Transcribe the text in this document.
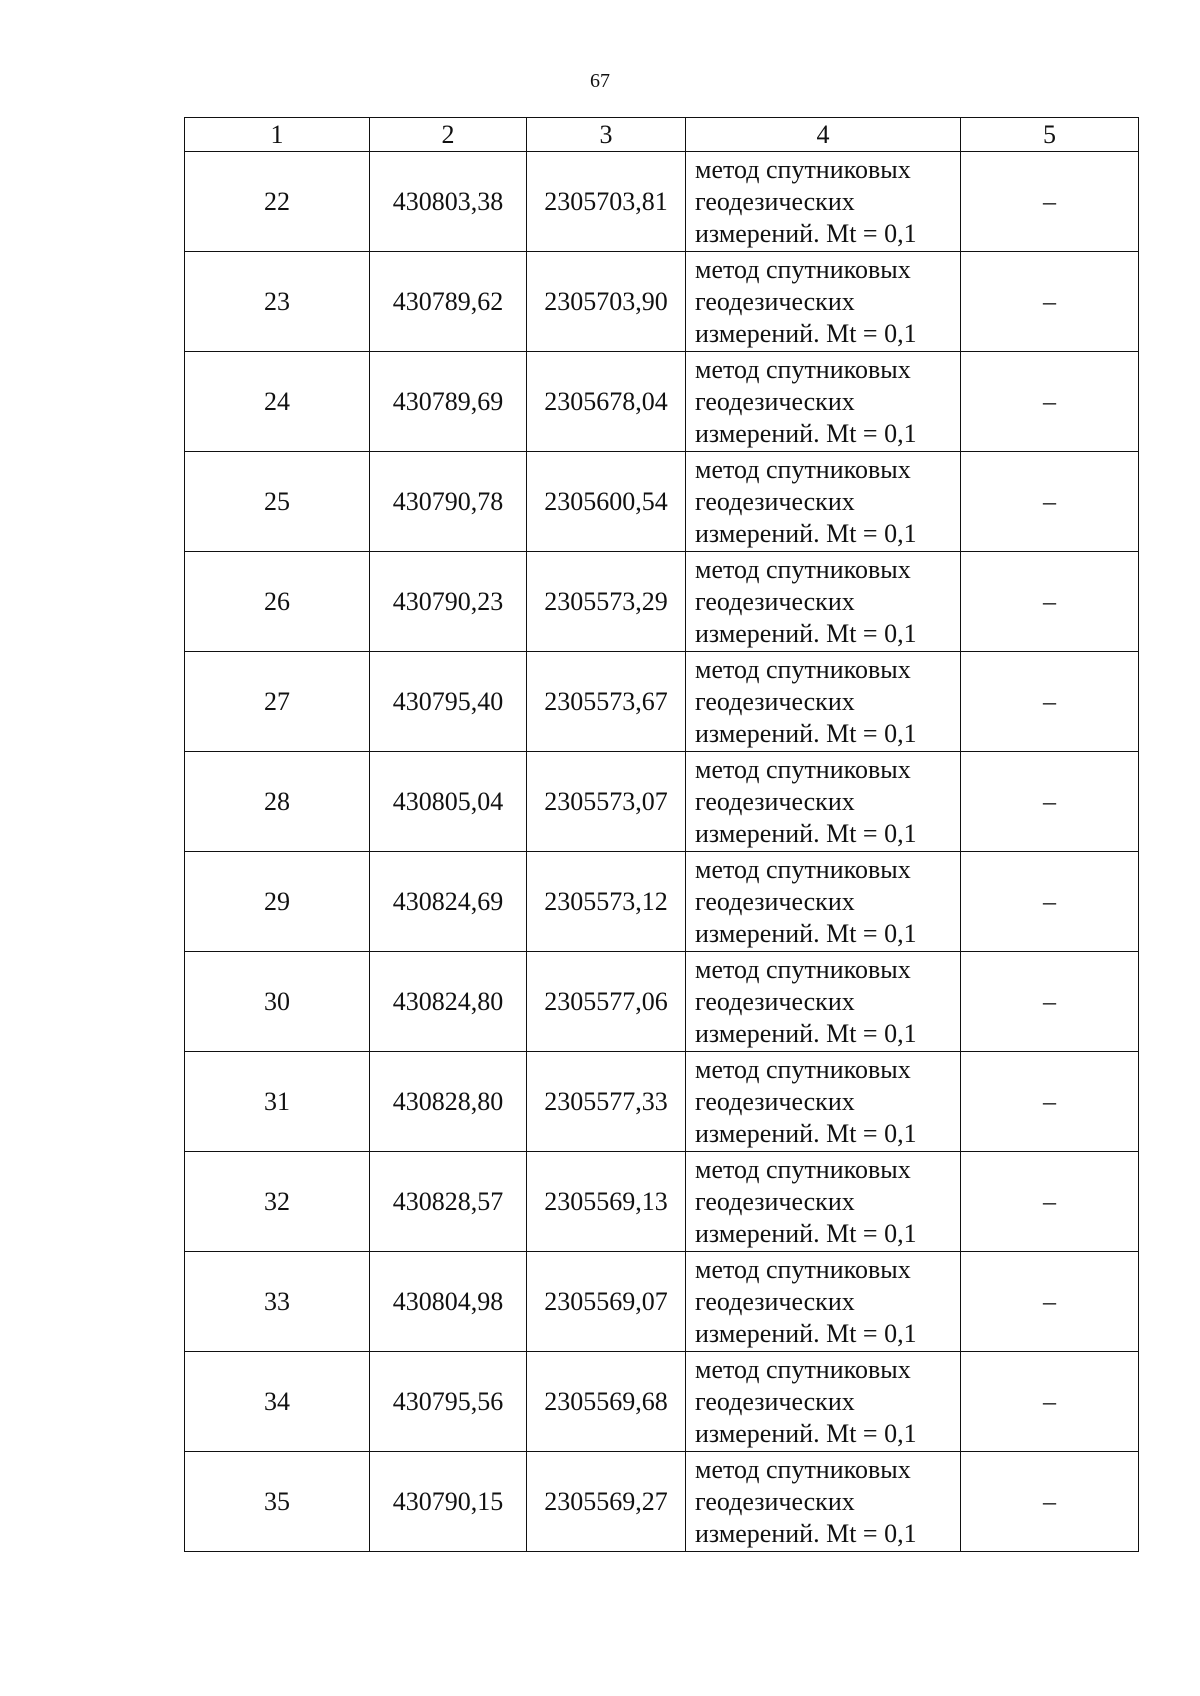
67
1	2	3	4	5
22	430803,38	2305703,81	метод спутниковых
геодезических
измерений. Mt = 0,1	–
23	430789,62	2305703,90	метод спутниковых
геодезических
измерений. Mt = 0,1	–
24	430789,69	2305678,04	метод спутниковых
геодезических
измерений. Mt = 0,1	–
25	430790,78	2305600,54	метод спутниковых
геодезических
измерений. Mt = 0,1	–
26	430790,23	2305573,29	метод спутниковых
геодезических
измерений. Mt = 0,1	–
27	430795,40	2305573,67	метод спутниковых
геодезических
измерений. Mt = 0,1	–
28	430805,04	2305573,07	метод спутниковых
геодезических
измерений. Mt = 0,1	–
29	430824,69	2305573,12	метод спутниковых
геодезических
измерений. Mt = 0,1	–
30	430824,80	2305577,06	метод спутниковых
геодезических
измерений. Mt = 0,1	–
31	430828,80	2305577,33	метод спутниковых
геодезических
измерений. Mt = 0,1	–
32	430828,57	2305569,13	метод спутниковых
геодезических
измерений. Mt = 0,1	–
33	430804,98	2305569,07	метод спутниковых
геодезических
измерений. Mt = 0,1	–
34	430795,56	2305569,68	метод спутниковых
геодезических
измерений. Mt = 0,1	–
35	430790,15	2305569,27	метод спутниковых
геодезических
измерений. Mt = 0,1	–
